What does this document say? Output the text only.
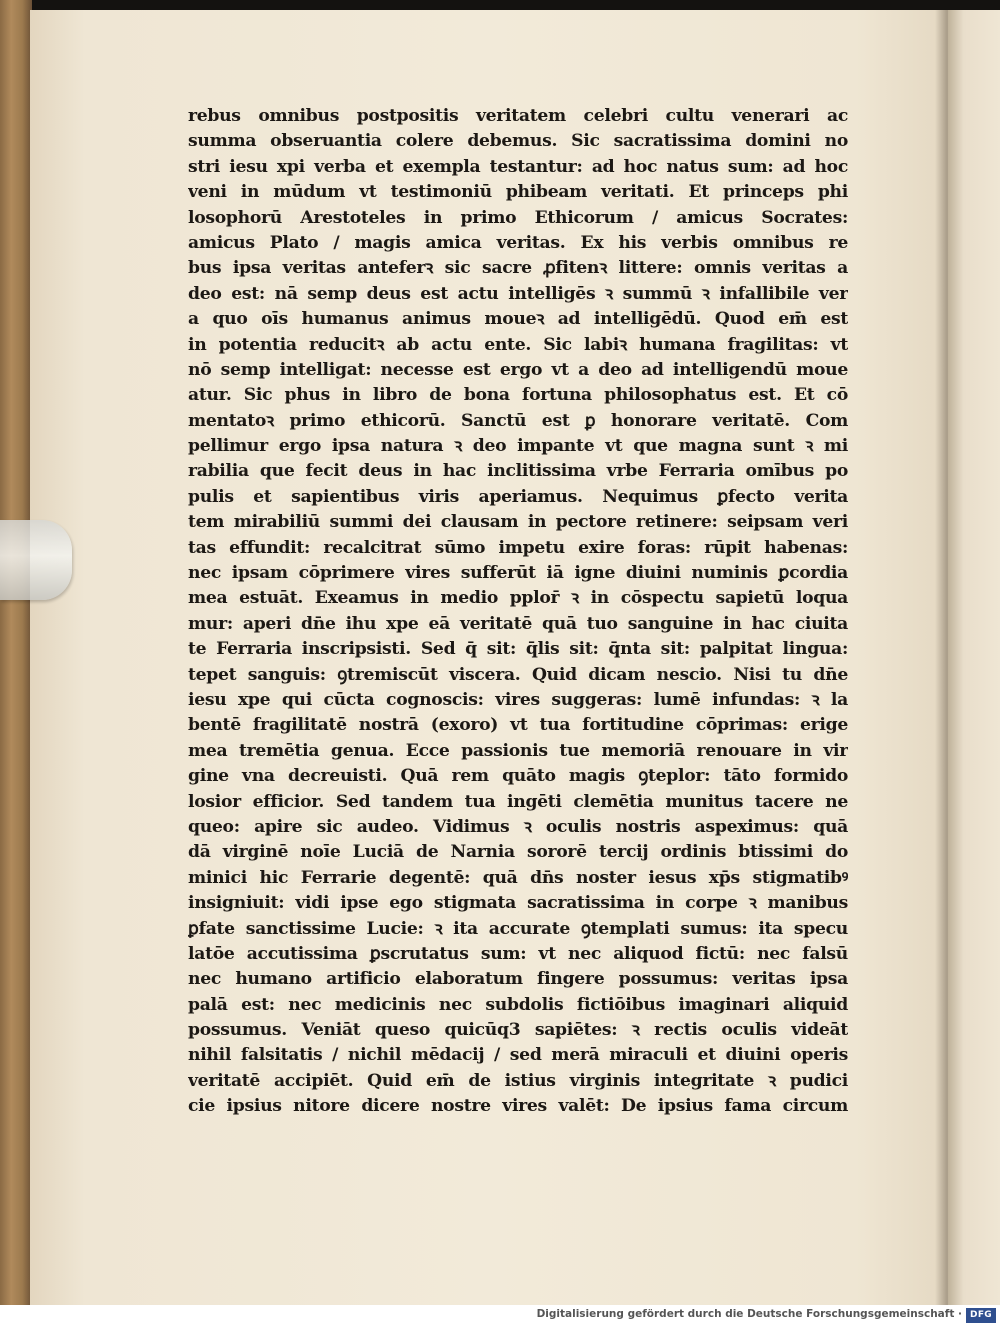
rebus omnibus postpositis veritatem celebri cultu venerari ac
summa obseruantia colere debemus. Sic sacratissima domini no
stri iesu xpi verba et exempla testantur: ad hoc natus sum: ad hoc
veni in mūdum vt testimoniū phibeam veritati. Et princeps phi
losophorū Arestoteles in primo Ethicorum / amicus Socrates:
amicus Plato / magis amica veritas. Ex his verbis omnibus re
bus ipsa veritas anteferꝛ sic sacre ꝓfitenꝛ littere: omnis veritas a
deo est: nā semp deus est actu intelligēs ꝛ summū ꝛ infallibile ver
a quo oīs humanus animus moueꝛ ad intelligēdū. Quod em̄ est
in potentia reducitꝛ ab actu ente. Sic labiꝛ humana fragilitas: vt
nō semp intelligat: necesse est ergo vt a deo ad intelligendū moue
atur. Sic phus in libro de bona fortuna philosophatus est. Et cō
mentatoꝛ primo ethicorū. Sanctū est ꝑ honorare veritatē. Com
pellimur ergo ipsa natura ꝛ deo impante vt que magna sunt ꝛ mi
rabilia que fecit deus in hac inclitissima vrbe Ferraria omībus po
pulis et sapientibus viris aperiamus. Nequimus ꝑfecto verita
tem mirabiliū summi dei clausam in pectore retinere: seipsam veri
tas effundit: recalcitrat sūmo impetu exire foras: rūpit habenas:
nec ipsam cōprimere vires sufferūt iā igne diuini numinis ꝑcordia
mea estuāt. Exeamus in medio pplor̄ ꝛ in cōspectu sapietū loqua
mur: aperi dn̄e ihu xpe eā veritatē quā tuo sanguine in hac ciuita
te Ferraria inscripsisti. Sed q̄ sit: q̄lis sit: q̄nta sit: palpitat lingua:
tepet sanguis: ꝯtremiscūt viscera. Quid dicam nescio. Nisi tu dn̄e
iesu xpe qui cūcta cognoscis: vires suggeras: lumē infundas: ꝛ la
bentē fragilitatē nostrā (exoro) vt tua fortitudine cōprimas: erige
mea tremētia genua. Ecce passionis tue memoriā renouare in vir
gine vna decreuisti. Quā rem quāto magis ꝯteplor: tāto formido
losior efficior. Sed tandem tua ingēti clemētia munitus tacere ne
queo: apire sic audeo. Vidimus ꝛ oculis nostris aspeximus: quā
dā virginē noīe Luciā de Narnia sororē tercij ordinis btissimi do
minici hic Ferrarie degentē: quā dn̄s noster iesus xp̄s stigmatibꝰ
insigniuit: vidi ipse ego stigmata sacratissima in corpe ꝛ manibus
ꝑfate sanctissime Lucie: ꝛ ita accurate ꝯtemplati sumus: ita specu
latōe accutissima ꝑscrutatus sum: vt nec aliquod fictū: nec falsū
nec humano artificio elaboratum fingere possumus: veritas ipsa
palā est: nec medicinis nec subdolis fictiōibus imaginari aliquid
possumus. Veniāt queso quicūq3 sapiētes: ꝛ rectis oculis videāt
nihil falsitatis / nichil mēdacij / sed merā miraculi et diuini operis
veritatē accipiēt. Quid em̄ de istius virginis integritate ꝛ pudici
cie ipsius nitore dicere nostre vires valēt: De ipsius fama circum
Digitalisierung gefördert durch die Deutsche Forschungsgemeinschaft · DFG
